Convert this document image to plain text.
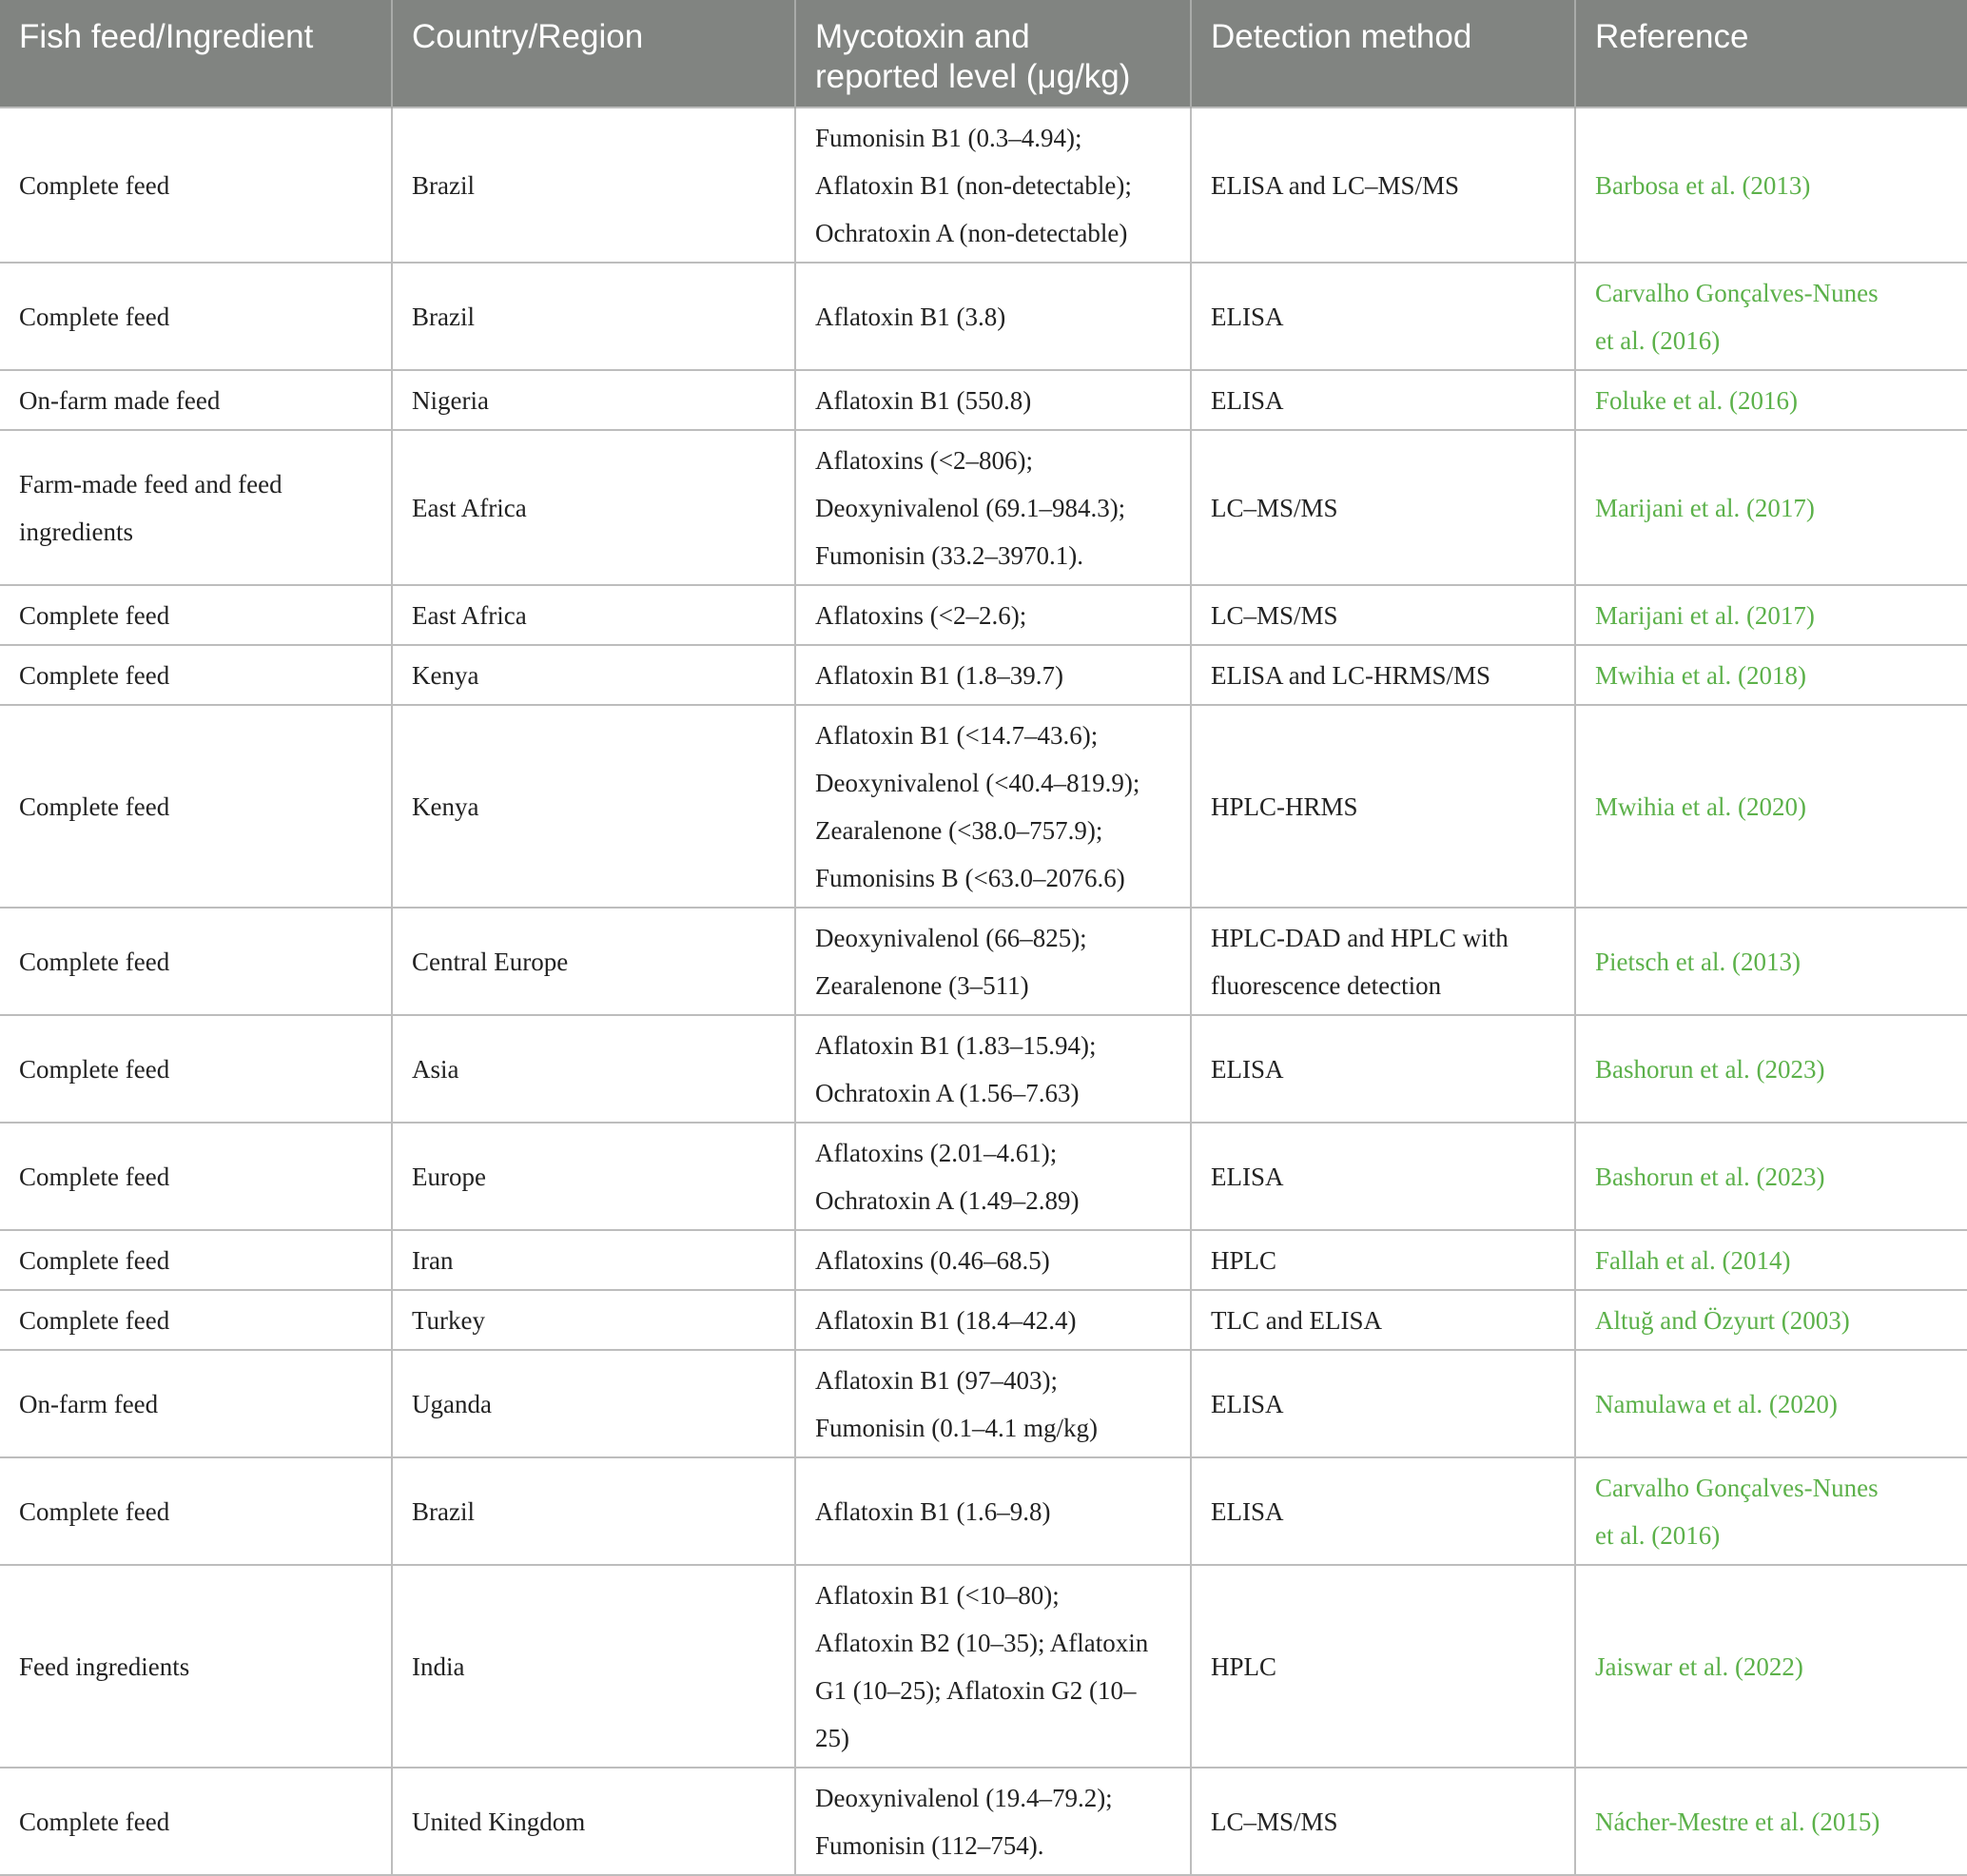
Fish feed/Ingredient	Country/Region	Mycotoxin and
reported level (μg/kg)	Detection method	Reference

Complete feed	Brazil	Fumonisin B1 (0.3–4.94);
Aflatoxin B1 (non-detectable);
Ochratoxin A (non-detectable)	ELISA and LC–MS/MS	Barbosa et al. (2013)

Complete feed	Brazil	Aflatoxin B1 (3.8)	ELISA	Carvalho Gonçalves-Nunes
et al. (2016)

On-farm made feed	Nigeria	Aflatoxin B1 (550.8)	ELISA	Foluke et al. (2016)

Farm-made feed and feed
ingredients	East Africa	Aflatoxins (<2–806);
Deoxynivalenol (69.1–984.3);
Fumonisin (33.2–3970.1).	LC–MS/MS	Marijani et al. (2017)

Complete feed	East Africa	Aflatoxins (<2–2.6);	LC–MS/MS	Marijani et al. (2017)

Complete feed	Kenya	Aflatoxin B1 (1.8–39.7)	ELISA and LC-HRMS/MS	Mwihia et al. (2018)

Complete feed	Kenya	Aflatoxin B1 (<14.7–43.6);
Deoxynivalenol (<40.4–819.9);
Zearalenone (<38.0–757.9);
Fumonisins B (<63.0–2076.6)	HPLC-HRMS	Mwihia et al. (2020)

Complete feed	Central Europe	Deoxynivalenol (66–825);
Zearalenone (3–511)	HPLC-DAD and HPLC with
fluorescence detection	Pietsch et al. (2013)

Complete feed	Asia	Aflatoxin B1 (1.83–15.94);
Ochratoxin A (1.56–7.63)	ELISA	Bashorun et al. (2023)

Complete feed	Europe	Aflatoxins (2.01–4.61);
Ochratoxin A (1.49–2.89)	ELISA	Bashorun et al. (2023)

Complete feed	Iran	Aflatoxins (0.46–68.5)	HPLC	Fallah et al. (2014)

Complete feed	Turkey	Aflatoxin B1 (18.4–42.4)	TLC and ELISA	Altuğ and Özyurt (2003)

On-farm feed	Uganda	Aflatoxin B1 (97–403);
Fumonisin (0.1–4.1 mg/kg)	ELISA	Namulawa et al. (2020)

Complete feed	Brazil	Aflatoxin B1 (1.6–9.8)	ELISA	Carvalho Gonçalves-Nunes
et al. (2016)

Feed ingredients	India	Aflatoxin B1 (<10–80);
Aflatoxin B2 (10–35); Aflatoxin
G1 (10–25); Aflatoxin G2 (10–
25)	HPLC	Jaiswar et al. (2022)

Complete feed	United Kingdom	Deoxynivalenol (19.4–79.2);
Fumonisin (112–754).	LC–MS/MS	Nácher-Mestre et al. (2015)
